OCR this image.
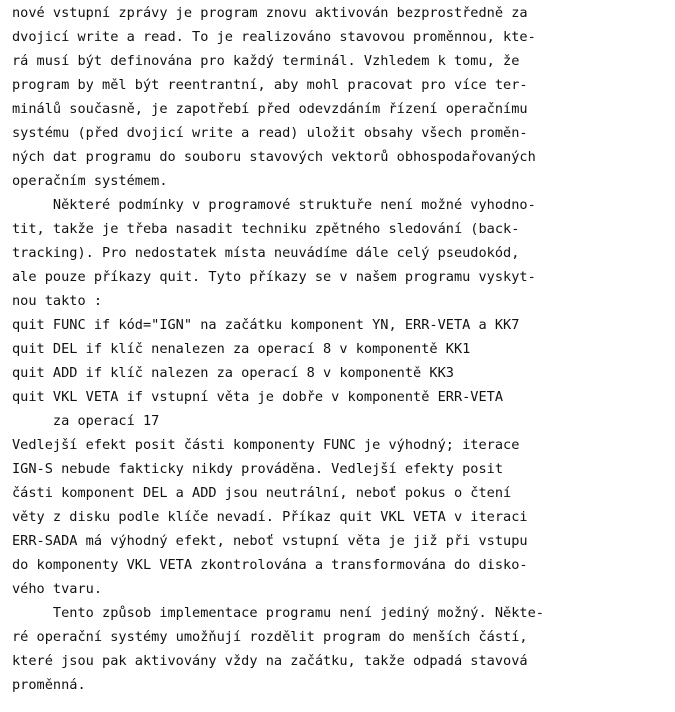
nové vstupní zprávy je program znovu aktivován bezprostředně za
dvojicí write a read. To je realizováno stavovou proměnnou, kte-
rá musí být definována pro každý terminál. Vzhledem k tomu, že
program by měl být reentrantní, aby mohl pracovat pro více ter-
minálů současně, je zapotřebí před odevzdáním řízení operačnímu
systému (před dvojicí write a read) uložit obsahy všech proměn-
ných dat programu do souboru stavových vektorů obhospodařovaných
operačním systémem.
Některé podmínky v programové struktuře není možné vyhodno-
tit, takže je třeba nasadit techniku zpětného sledování (back-
tracking). Pro nedostatek místa neuvádíme dále celý pseudokód,
ale pouze příkazy quit. Tyto příkazy se v našem programu vyskyt-
nou takto :
quit FUNC if kód="IGN" na začátku komponent YN, ERR-VETA a KK7
quit DEL if klíč nenalezen za operací 8 v komponentě KK1
quit ADD if klíč nalezen za operací 8 v komponentě KK3
quit VKL VETA if vstupní věta je dobře v komponentě ERR-VETA
za operací 17
Vedlejší efekt posit části komponenty FUNC je výhodný; iterace
IGN-S nebude fakticky nikdy prováděna. Vedlejší efekty posit
části komponent DEL a ADD jsou neutrální, neboť pokus o čtení
věty z disku podle klíče nevadí. Příkaz quit VKL VETA v iteraci
ERR-SADA má výhodný efekt, neboť vstupní věta je již při vstupu
do komponenty VKL VETA zkontrolována a transformována do disko-
vého tvaru.
Tento způsob implementace programu není jediný možný. Někte-
ré operační systémy umožňují rozdělit program do menších částí,
které jsou pak aktivovány vždy na začátku, takže odpadá stavová
proměnná.
